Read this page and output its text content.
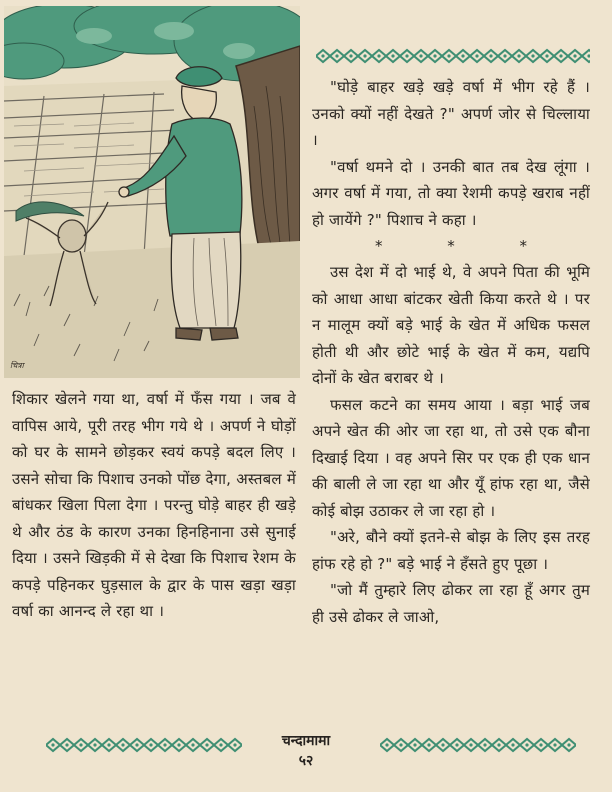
चित्रा

"घोड़े बाहर खड़े खड़े वर्षा में भीग रहे हैं । उनको क्यों नहीं देखते ?" अपर्ण जोर से चिल्लाया ।

"वर्षा थमने दो । उनकी बात तब देख लूंगा । अगर वर्षा में गया, तो क्या रेशमी कपड़े खराब नहीं हो जायेंगे ?" पिशाच ने कहा ।

* * *

उस देश में दो भाई थे, वे अपने पिता की भूमि को आधा आधा बांटकर खेती किया करते थे । पर न मालूम क्यों बड़े भाई के खेत में अधिक फसल होती थी और छोटे भाई के खेत में कम, यद्यपि दोनों के खेत बराबर थे ।

फसल कटने का समय आया । बड़ा भाई जब अपने खेत की ओर जा रहा था, तो उसे एक बौना दिखाई दिया । वह अपने सिर पर एक ही एक धान की बाली ले जा रहा था और यूँ हांफ रहा था, जैसे कोई बोझ उठाकर ले जा रहा हो ।

"अरे, बौने क्यों इतने-से बोझ के लिए इस तरह हांफ रहे हो ?" बड़े भाई ने हँसते हुए पूछा ।

"जो मैं तुम्हारे लिए ढोकर ला रहा हूँ अगर तुम ही उसे ढोकर ले जाओ,

शिकार खेलने गया था, वर्षा में फँस गया । जब वे वापिस आये, पूरी तरह भीग गये थे । अपर्ण ने घोड़ों को घर के सामने छोड़कर स्वयं कपड़े बदल लिए । उसने सोचा कि पिशाच उनको पोंछ देगा, अस्तबल में बांधकर खिला पिला देगा । परन्तु घोड़े बाहर ही खड़े थे और ठंड के कारण उनका हिनहिनाना उसे सुनाई दिया । उसने खिड़की में से देखा कि पिशाच रेशम के कपड़े पहिनकर घुड़साल के द्वार के पास खड़ा खड़ा वर्षा का आनन्द ले रहा था ।

चन्दामामा
५२
